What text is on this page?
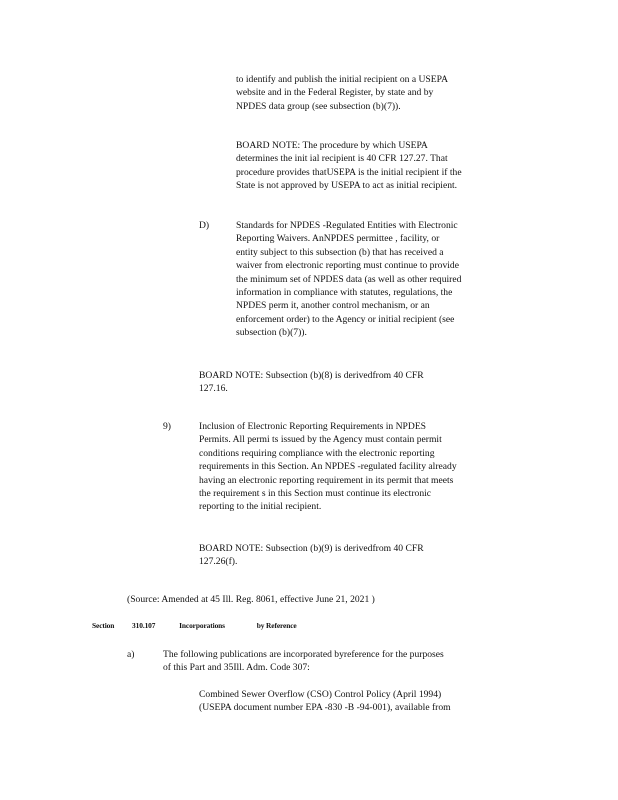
to identify and publish the initial recipient on a USEPA
website and in the Federal Register, by state and by
NPDES data group (see subsection (b)(7)).
BOARD NOTE: The procedure by which USEPA
determines the init ial recipient is 40 CFR 127.27. That
procedure provides thatUSEPA is the initial recipient if the
State is not approved by USEPA to act as initial recipient.
D)	Standards for NPDES -Regulated Entities with Electronic
Reporting Waivers. AnNPDES permittee , facility, or
entity subject to this subsection (b) that has received a
waiver from electronic reporting must continue to provide
the minimum set of NPDES data (as well as other required
information in compliance with statutes, regulations, the
NPDES perm it, another control mechanism, or an
enforcement order) to the Agency or initial recipient (see
subsection (b)(7)).
BOARD NOTE: Subsection (b)(8) is derivedfrom 40 CFR
127.16.
9)	Inclusion of Electronic Reporting Requirements in NPDES
Permits. All permi ts issued by the Agency must contain permit
conditions requiring compliance with the electronic reporting
requirements in this Section. An NPDES -regulated facility already
having an electronic reporting requirement in its permit that meets
the requirement s in this Section must continue its electronic
reporting to the initial recipient.
BOARD NOTE: Subsection (b)(9) is derivedfrom 40 CFR
127.26(f).
(Source: Amended at 45 Ill. Reg. 8061, effective June 21, 2021 )
Section 310.107	Incorporations	by Reference
a)	The following publications are incorporated byreference for the purposes
of this Part and 35Ill. Adm. Code 307:
Combined Sewer Overflow (CSO) Control Policy (April 1994)
(USEPA document number EPA -830 -B -94-001), available from
